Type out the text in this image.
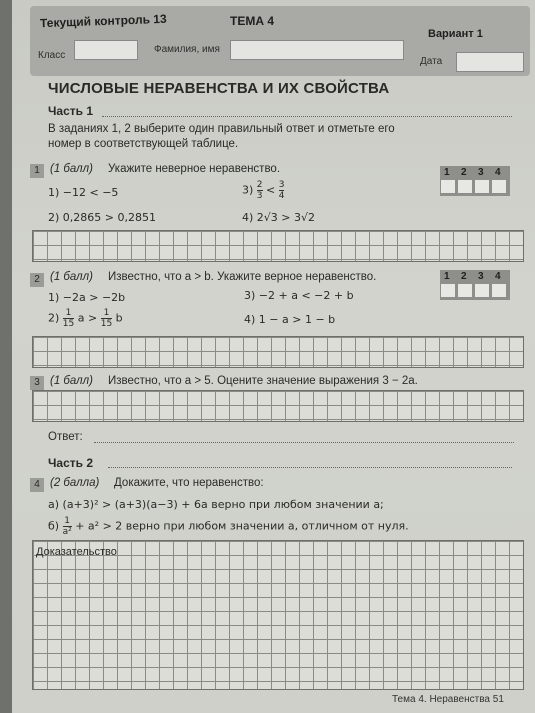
Текущий контроль 13	ТЕМА 4
Вариант 1
Класс
Фамилия, имя
Дата
ЧИСЛОВЫЕ НЕРАВЕНСТВА И ИХ СВОЙСТВА
Часть 1
В заданиях 1, 2 выберите один правильный ответ и отметьте его номер в соответствующей таблице.
1 (1 балл) Укажите неверное неравенство.	1 2 3 4
1) −12 < −5	$3) \frac{2}{3} < \frac{3}{4}$
2) 0,2865 > 0,2851	4) 2√3 > 3√2
2 (1 балл) Известно, что a > b. Укажите верное неравенство.	1 2 3 4
1) −2a > −2b	3) −2 + a < −2 + b
$2) \frac{1}{15}$ $a > \frac{1}{15}$ b	4) 1 − a > 1 − b
3 (1 балл) Известно, что a > 5. Оцените значение выражения 3 − 2a.
Ответ:
Часть 2
4 (2 балла) Докажите, что неравенство:
а) (a+3)² > (a+3)(a−3) + 6a верно при любом значении a;
$б) \frac{1}{\text{a²}} + a^2 > 2$ верно при любом значении a, отличном от нуля.
Доказательство
Тема 4. Неравенства 51
